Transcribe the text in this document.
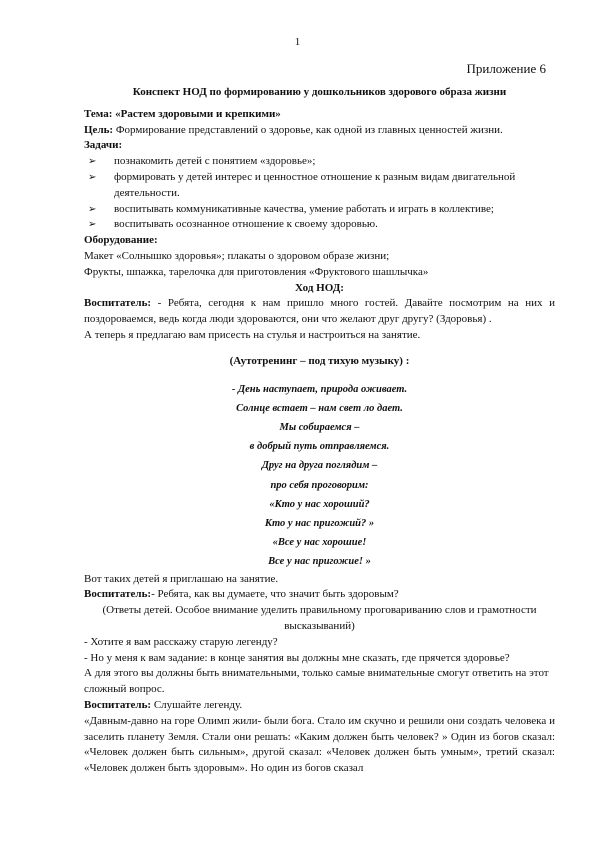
1
Приложение 6

Конспект НОД по формированию у дошкольников здорового образа жизни

Тема: «Растем здоровыми и крепкими»

Цель: Формирование представлений о здоровье, как одной из главных ценностей жизни.

Задачи:

➢ познакомить детей с понятием «здоровье»;
➢ формировать у детей интерес и ценностное отношение к разным видам двигательной деятельности.
➢ воспитывать коммуникативные качества, умение работать и играть в коллективе;
➢ воспитывать осознанное отношение к своему здоровью.

Оборудование:

Макет «Солнышко здоровья»; плакаты о здоровом образе жизни;

Фрукты, шпажка, тарелочка для приготовления «Фруктового шашлычка»

Ход НОД:

Воспитатель: - Ребята, сегодня к нам пришло много гостей. Давайте посмотрим на них и поздороваемся, ведь когда люди здороваются, они что желают друг другу? (Здоровья) .

А теперь я предлагаю вам присесть на стулья и настроиться на занятие.

(Аутотренинг – под тихую музыку) :

- День наступает, природа оживает.

Солнце встает – нам свет ло дает.

Мы собираемся –

в добрый путь отправляемся.

Друг на друга поглядим –

про себя проговорим:

«Кто у нас хороший?

Кто у нас пригожий? »

«Все у нас хорошие!

Все у нас пригожие! »

Вот таких детей я приглашаю на занятие.

Воспитатель:- Ребята, как вы думаете, что значит быть здоровым?

(Ответы детей. Особое внимание уделить правильному проговариванию слов и грамотности высказываний)

- Хотите я вам расскажу старую легенду?

- Но у меня к вам задание: в конце занятия вы должны мне сказать, где прячется здоровье?

А для этого вы должны быть внимательными, только самые внимательные смогут ответить на этот сложный вопрос.

Воспитатель: Слушайте легенду.

«Давным-давно на горе Олимп жили- были бога. Стало им скучно и решили они создать человека и заселить планету Земля. Стали они решать: «Каким должен быть человек? » Один из богов сказал: «Человек должен быть сильным», другой сказал: «Человек должен быть умным», третий сказал: «Человек должен быть здоровым». Но один из богов сказал
